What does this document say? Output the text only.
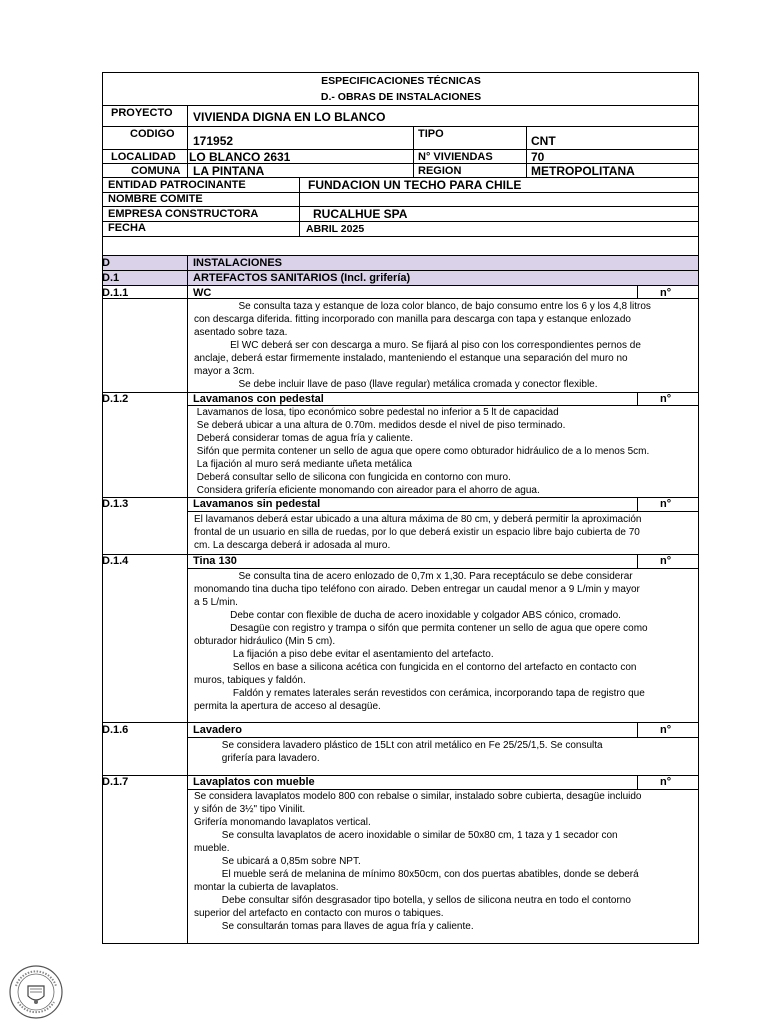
ESPECIFICACIONES TÉCNICAS
D.- OBRAS DE INSTALACIONES
PROYECTO VIVIENDA DIGNA EN LO BLANCO
CODIGO 171952	TIPO	CNT
LOCALIDAD LO BLANCO 2631	N° VIVIENDAS	70
COMUNA LA PINTANA	REGION	METROPOLITANA
ENTIDAD PATROCINANTE	FUNDACION UN TECHO PARA CHILE
NOMBRE COMITE
EMPRESA CONSTRUCTORA	RUCALHUE SPA
FECHA	ABRIL 2025
D	INSTALACIONES
D.1	ARTEFACTOS SANITARIOS (Incl. grifería)
D.1.1	WC	n°
Se consulta taza y estanque de loza color blanco, de bajo consumo entre los 6 y los 4,8 litros
con descarga diferida. fitting incorporado con manilla para descarga con tapa y estanque enlozado
asentado sobre taza.
El WC deberá ser con descarga a muro. Se fijará al piso con los correspondientes pernos de
anclaje, deberá estar firmemente instalado, manteniendo el estanque una separación del muro no
mayor a 3cm.
Se debe incluir llave de paso (llave regular) metálica cromada y conector flexible.
D.1.2	Lavamanos con pedestal	n°
Lavamanos de losa, tipo económico sobre pedestal no inferior a 5 lt de capacidad
Se deberá ubicar a una altura de 0.70m. medidos desde el nivel de piso terminado.
Deberá considerar tomas de agua fría y caliente.
Sifón que permita contener un sello de agua que opere como obturador hidráulico de a lo menos 5cm.
La fijación al muro será mediante uñeta metálica
Deberá consultar sello de silicona con fungicida en contorno con muro.
Considera grifería eficiente monomando con aireador para el ahorro de agua.
D.1.3	Lavamanos sin pedestal	n°
El lavamanos deberá estar ubicado a una altura máxima de 80 cm, y deberá permitir la aproximación
frontal de un usuario en silla de ruedas, por lo que deberá existir un espacio libre bajo cubierta de 70
cm. La descarga deberá ir adosada al muro.
D.1.4	Tina 130	n°
Se consulta tina de acero enlozado de 0,7m x 1,30. Para receptáculo se debe considerar
monomando tina ducha tipo teléfono con airado. Deben entregar un caudal menor a 9 L/min y mayor
a 5 L/min.
Debe contar con flexible de ducha de acero inoxidable y colgador ABS cónico, cromado.
Desagüe con registro y trampa o sifón que permita contener un sello de agua que opere como
obturador hidráulico (Min 5 cm).
La fijación a piso debe evitar el asentamiento del artefacto.
Sellos en base a silicona acética con fungicida en el contorno del artefacto en contacto con
muros, tabiques y faldón.
Faldón y remates laterales serán revestidos con cerámica, incorporando tapa de registro que
permita la apertura de acceso al desagüe.
D.1.6	Lavadero	n°
Se considera lavadero plástico de 15Lt con atril metálico en Fe 25/25/1,5. Se consulta
grifería para lavadero.
D.1.7	Lavaplatos con mueble	n°
Se considera lavaplatos modelo 800 con rebalse o similar, instalado sobre cubierta, desagüe incluido
y sifón de 3½" tipo Vinilit.
Grifería monomando lavaplatos vertical.
Se consulta lavaplatos de acero inoxidable o similar de 50x80 cm, 1 taza y 1 secador con
mueble.
Se ubicará a 0,85m sobre NPT.
El mueble será de melanina de mínimo 80x50cm, con dos puertas abatibles, donde se deberá
montar la cubierta de lavaplatos.
Debe consultar sifón desgrasador tipo botella, y sellos de silicona neutra en todo el contorno
superior del artefacto en contacto con muros o tabiques.
Se consultarán tomas para llaves de agua fría y caliente.
